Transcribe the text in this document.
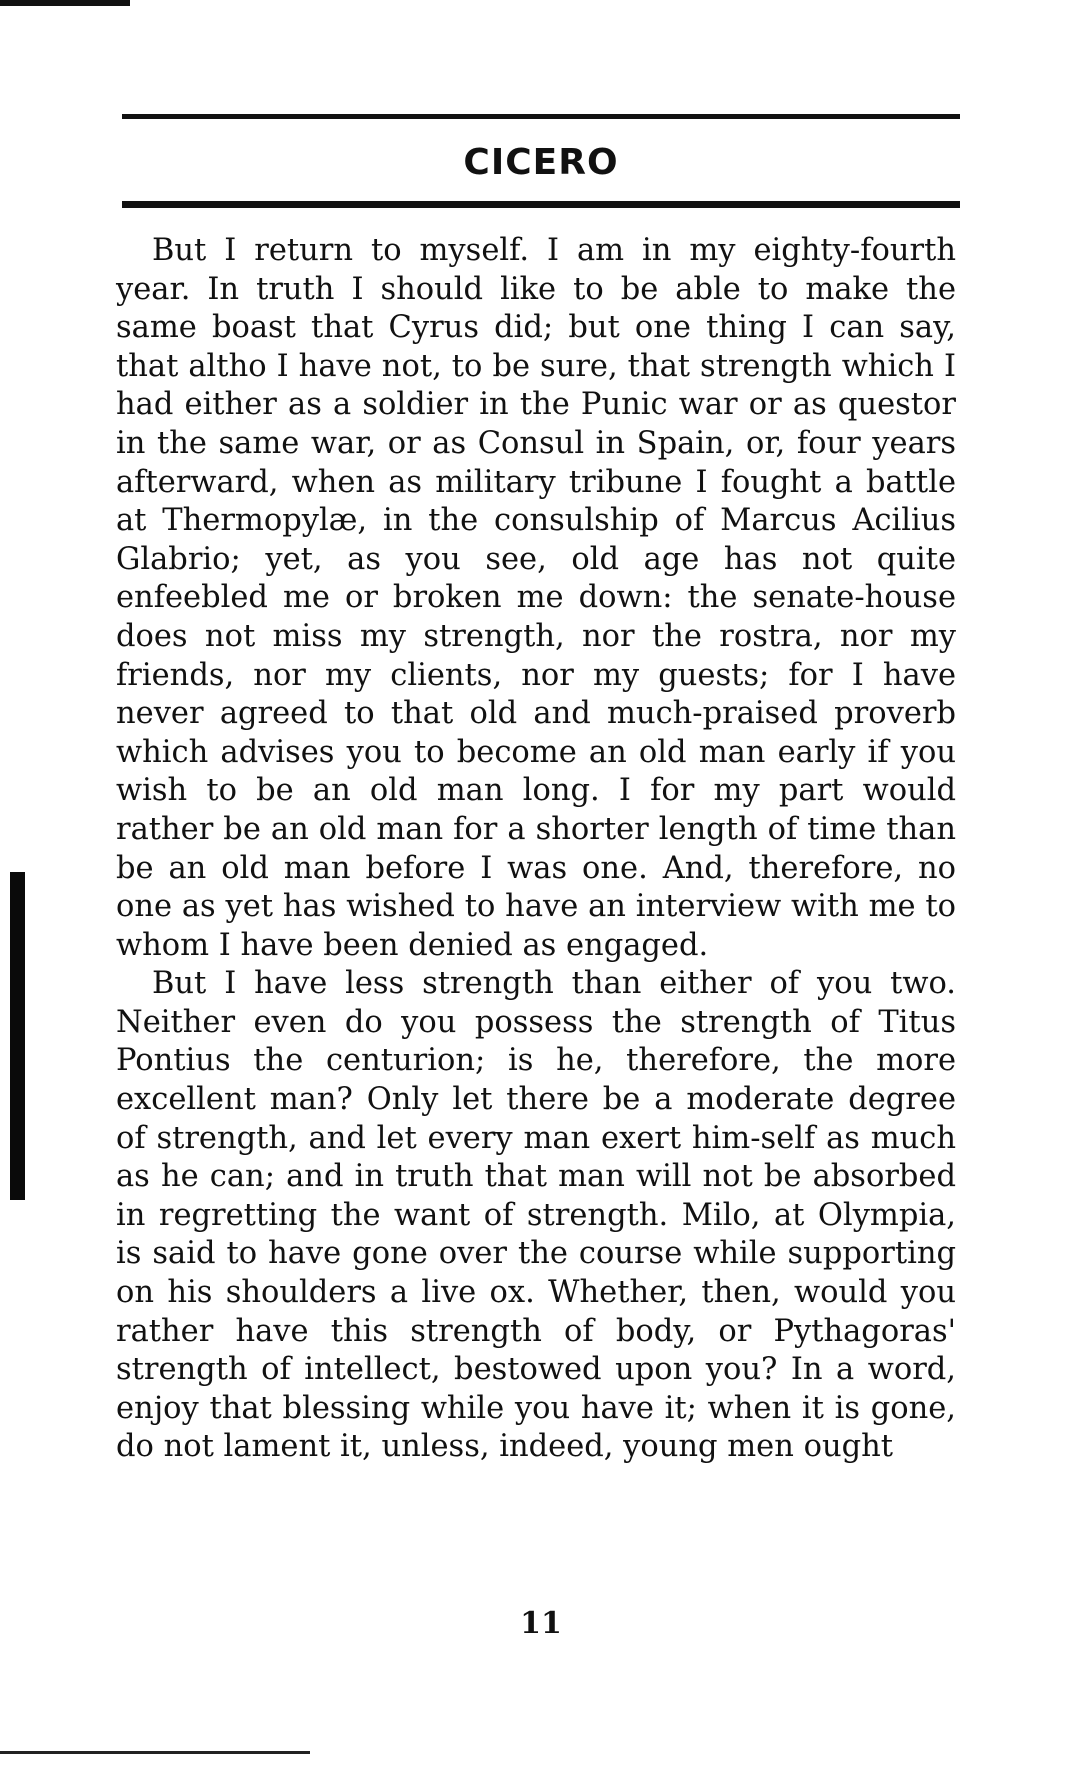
CICERO

But I return to myself. I am in my eighty-fourth year. In truth I should like to be able to make the same boast that Cyrus did; but one thing I can say, that altho I have not, to be sure, that strength which I had either as a soldier in the Punic war or as questor in the same war, or as Consul in Spain, or, four years afterward, when as military tribune I fought a battle at Thermopylæ, in the consulship of Marcus Acilius Glabrio; yet, as you see, old age has not quite enfeebled me or broken me down: the senate-house does not miss my strength, nor the rostra, nor my friends, nor my clients, nor my guests; for I have never agreed to that old and much-praised proverb which advises you to become an old man early if you wish to be an old man long. I for my part would rather be an old man for a shorter length of time than be an old man before I was one. And, therefore, no one as yet has wished to have an interview with me to whom I have been denied as engaged.

But I have less strength than either of you two. Neither even do you possess the strength of Titus Pontius the centurion; is he, therefore, the more excellent man? Only let there be a moderate degree of strength, and let every man exert him-self as much as he can; and in truth that man will not be absorbed in regretting the want of strength. Milo, at Olympia, is said to have gone over the course while supporting on his shoulders a live ox. Whether, then, would you rather have this strength of body, or Pythagoras' strength of intellect, bestowed upon you? In a word, enjoy that blessing while you have it; when it is gone, do not lament it, unless, indeed, young men ought

11
